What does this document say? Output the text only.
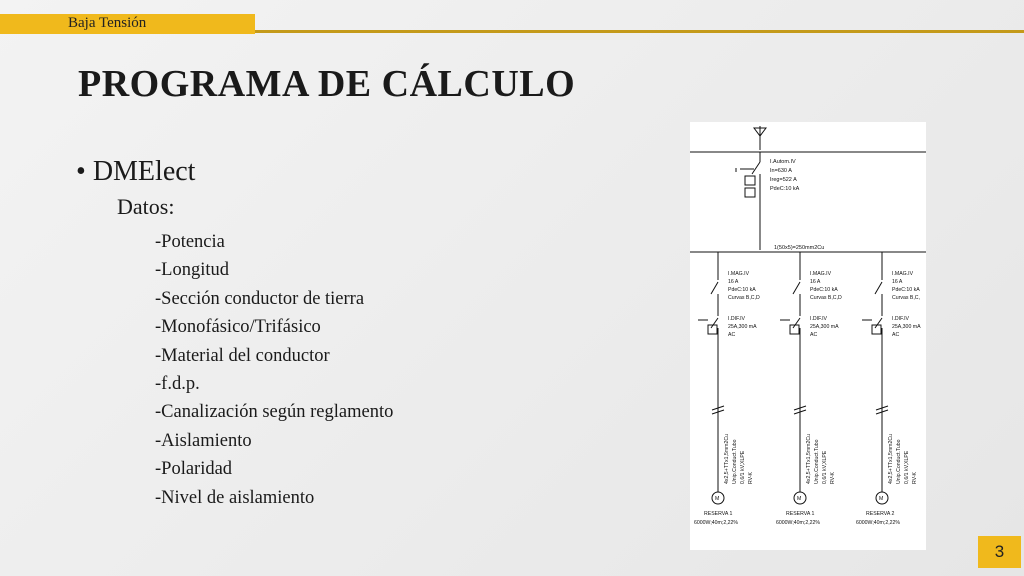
Baja Tensión
PROGRAMA DE CÁLCULO
• DMElect
Datos:
-Potencia
-Longitud
-Sección conductor de tierra
-Monofásico/Trifásico
-Material del conductor
-f.d.p.
-Canalización según reglamento
-Aislamiento
-Polaridad
-Nivel de aislamiento
I.Autom.IV
In=630 A
Ireg=522 A
PdeC:10 kA
1(50x5)=250mm2Cu
I.MAG.IV
16 A
PdeC:10 kA
Curvas B,C,D
I.DIF.IV
25A,300 mA
AC
4x2,5+TTx1,5mm2Cu Unip.Conduct.Tubo 0,6/1 kV,XLPE RV-K
M
RESERVA 1
6000W;40m;2,22%
I.MAG.IV
16 A
PdeC:10 kA
Curvas B,C,D
I.DIF.IV
25A,300 mA
AC
4x2,5+TTx1,5mm2Cu Unip.Conduct.Tubo 0,6/1 kV,XLPE RV-K
M
RESERVA 1
6000W;40m;2,22%
I.MAG.IV
16 A
PdeC:10 kA
Curvas B,C,
I.DIF.IV
25A,300 mA
AC
4x2,5+TTx1,5mm2Cu Unip.Conduct.Tubo 0,6/1 kV,XLPE RV-K
M
RESERVA 2
6000W;40m;2,22%
3
